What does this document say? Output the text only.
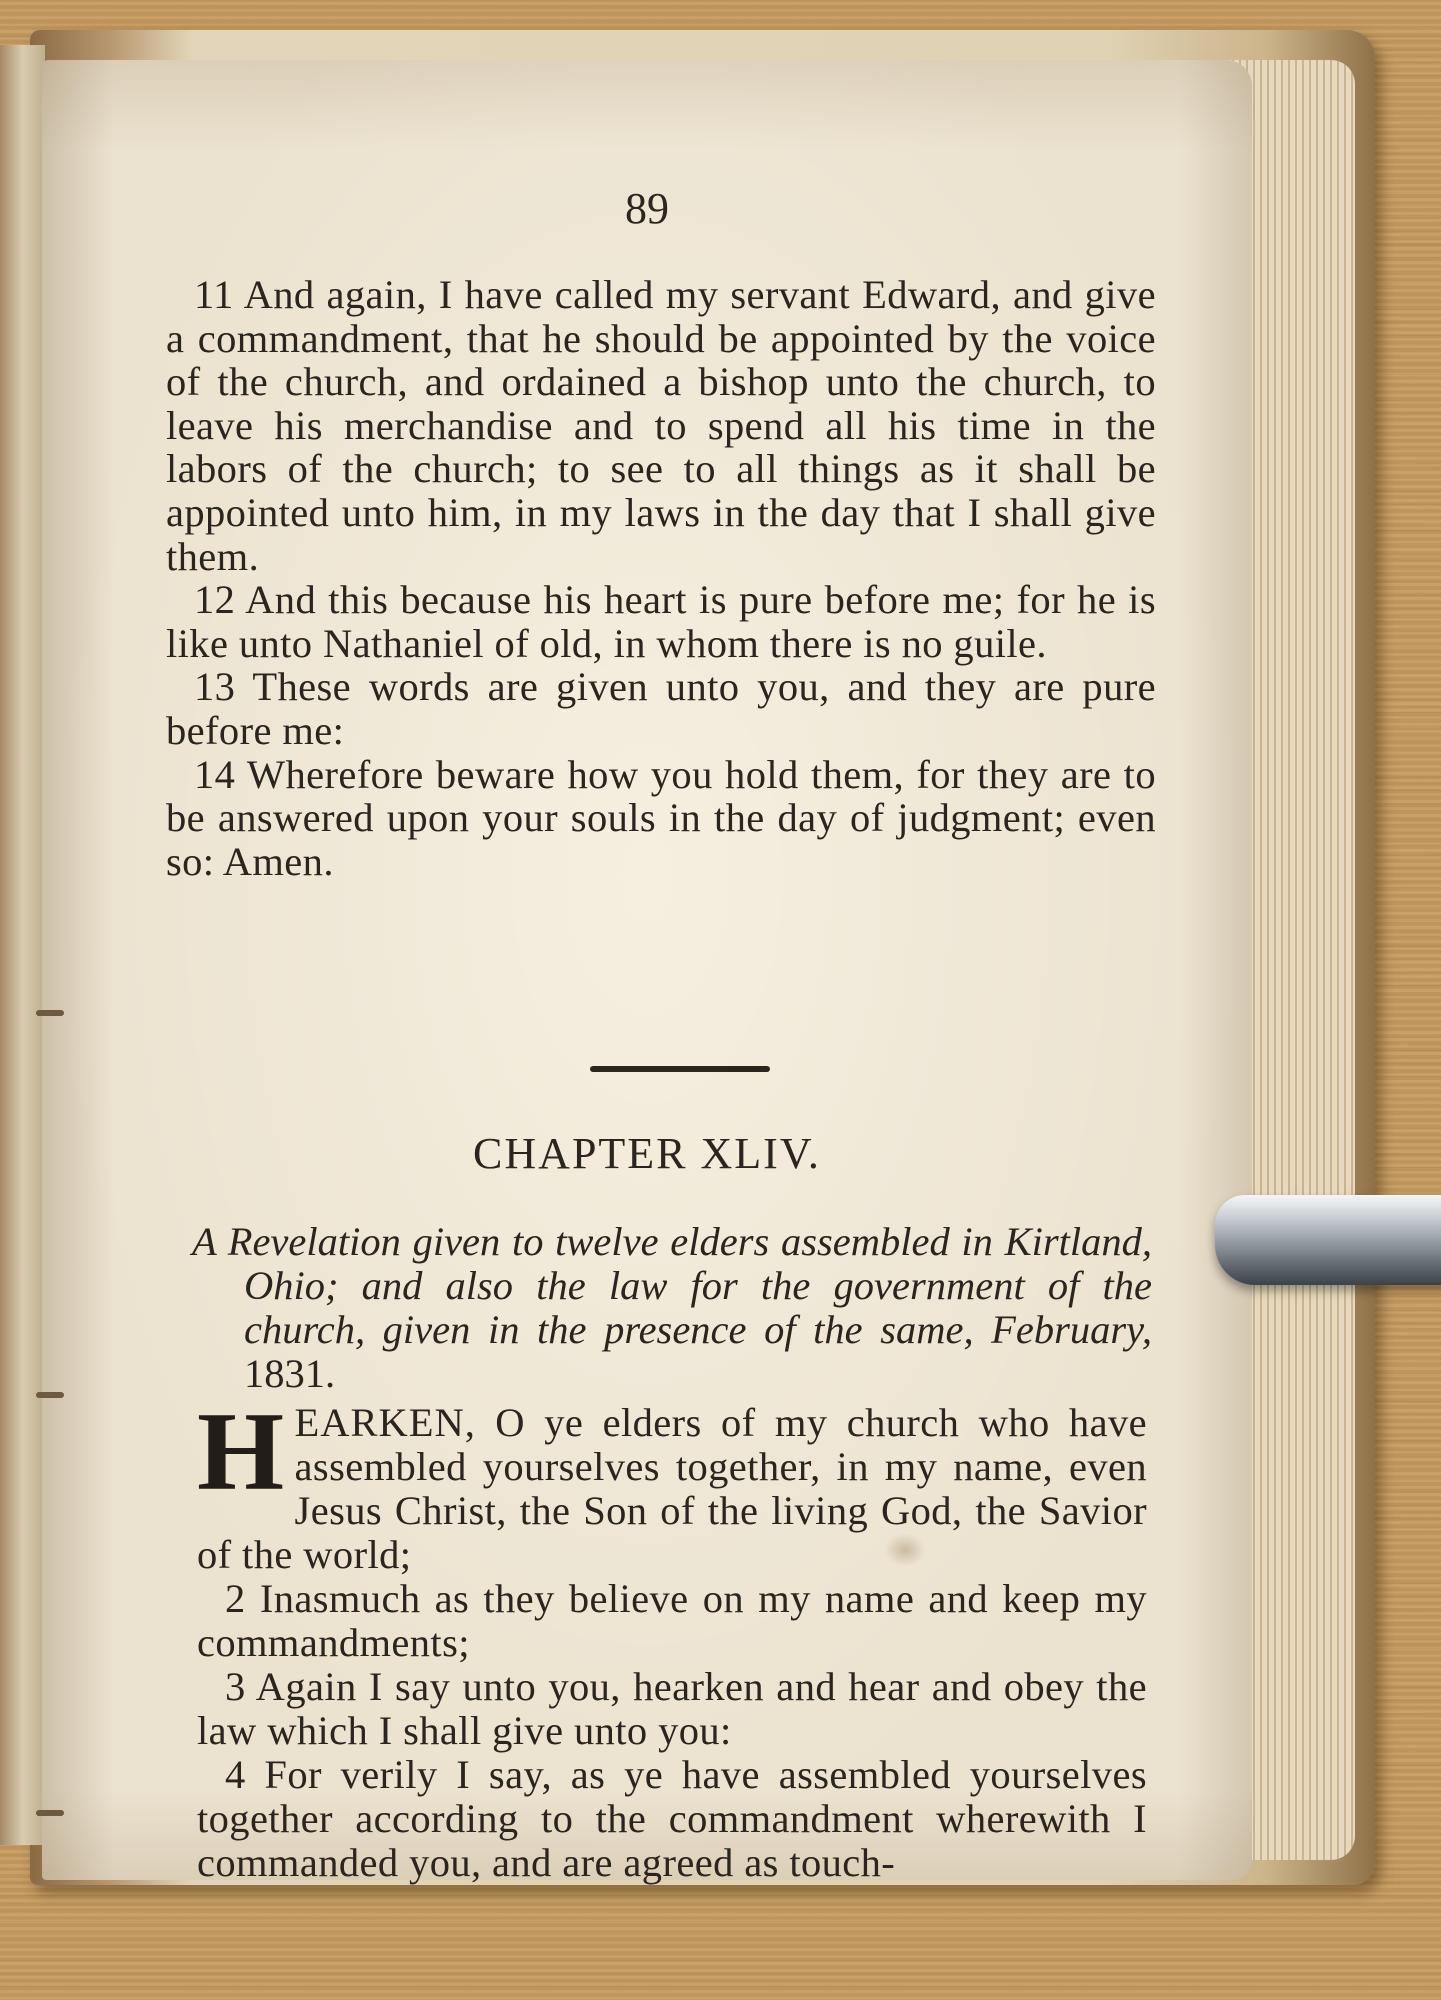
89

11 And again, I have called my servant Edward, and give a commandment, that he should be appointed by the voice of the church, and ordained a bishop unto the church, to leave his merchandise and to spend all his time in the labors of the church; to see to all things as it shall be appointed unto him, in my laws in the day that I shall give them.

12 And this because his heart is pure before me; for he is like unto Nathaniel of old, in whom there is no guile.

13 These words are given unto you, and they are pure before me:

14 Wherefore beware how you hold them, for they are to be answered upon your souls in the day of judgment; even so: Amen.

CHAPTER XLIV.
A Revelation given to twelve elders assembled in Kirtland, Ohio; and also the law for the government of the church, given in the presence of the same, February, 1831.

HEARKEN, O ye elders of my church who have assembled yourselves together, in my name, even Jesus Christ, the Son of the living God, the Savior of the world;

2 Inasmuch as they believe on my name and keep my commandments;

3 Again I say unto you, hearken and hear and obey the law which I shall give unto you:

4 For verily I say, as ye have assembled yourselves together according to the commandment wherewith I commanded you, and are agreed as touch-
